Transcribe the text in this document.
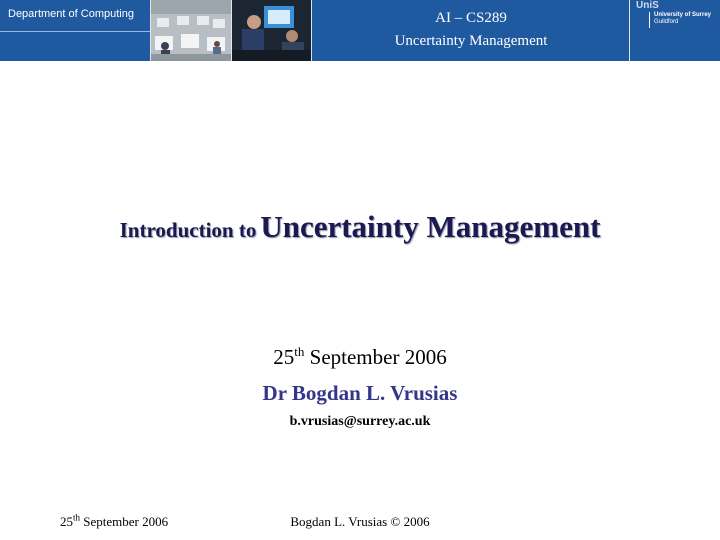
Department of Computing	AI – CS289
Uncertainty Management
UniS
University of Surrey
Guildford
Introduction to Uncertainty Management
25th September 2006
Dr Bogdan L. Vrusias
b.vrusias@surrey.ac.uk
25th September 2006	Bogdan L. Vrusias © 2006
